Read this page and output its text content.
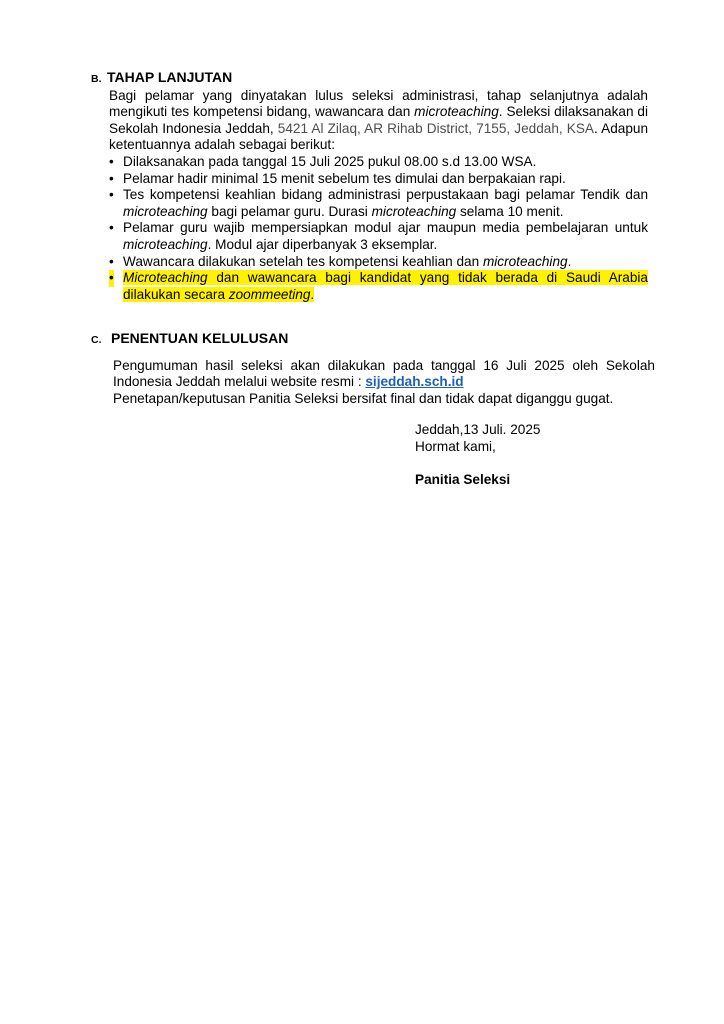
B. TAHAP LANJUTAN

Bagi pelamar yang dinyatakan lulus seleksi administrasi, tahap selanjutnya adalah mengikuti tes kompetensi bidang, wawancara dan microteaching. Seleksi dilaksanakan di Sekolah Indonesia Jeddah, 5421 Al Zilaq, AR Rihab District, 7155, Jeddah, KSA. Adapun ketentuannya adalah sebagai berikut:

• Dilaksanakan pada tanggal 15 Juli 2025 pukul 08.00 s.d 13.00 WSA.
• Pelamar hadir minimal 15 menit sebelum tes dimulai dan berpakaian rapi.
• Tes kompetensi keahlian bidang administrasi perpustakaan bagi pelamar Tendik dan microteaching bagi pelamar guru. Durasi microteaching selama 10 menit.
• Pelamar guru wajib mempersiapkan modul ajar maupun media pembelajaran untuk microteaching. Modul ajar diperbanyak 3 eksemplar.
• Wawancara dilakukan setelah tes kompetensi keahlian dan microteaching.
• Microteaching dan wawancara bagi kandidat yang tidak berada di Saudi Arabia dilakukan secara zoommeeting.
C. PENENTUAN KELULUSAN

Pengumuman hasil seleksi akan dilakukan pada tanggal 16 Juli 2025 oleh Sekolah Indonesia Jeddah melalui website resmi : sijeddah.sch.id

Penetapan/keputusan Panitia Seleksi bersifat final dan tidak dapat diganggu gugat.

Jeddah,13 Juli. 2025
Hormat kami,
Panitia Seleksi
